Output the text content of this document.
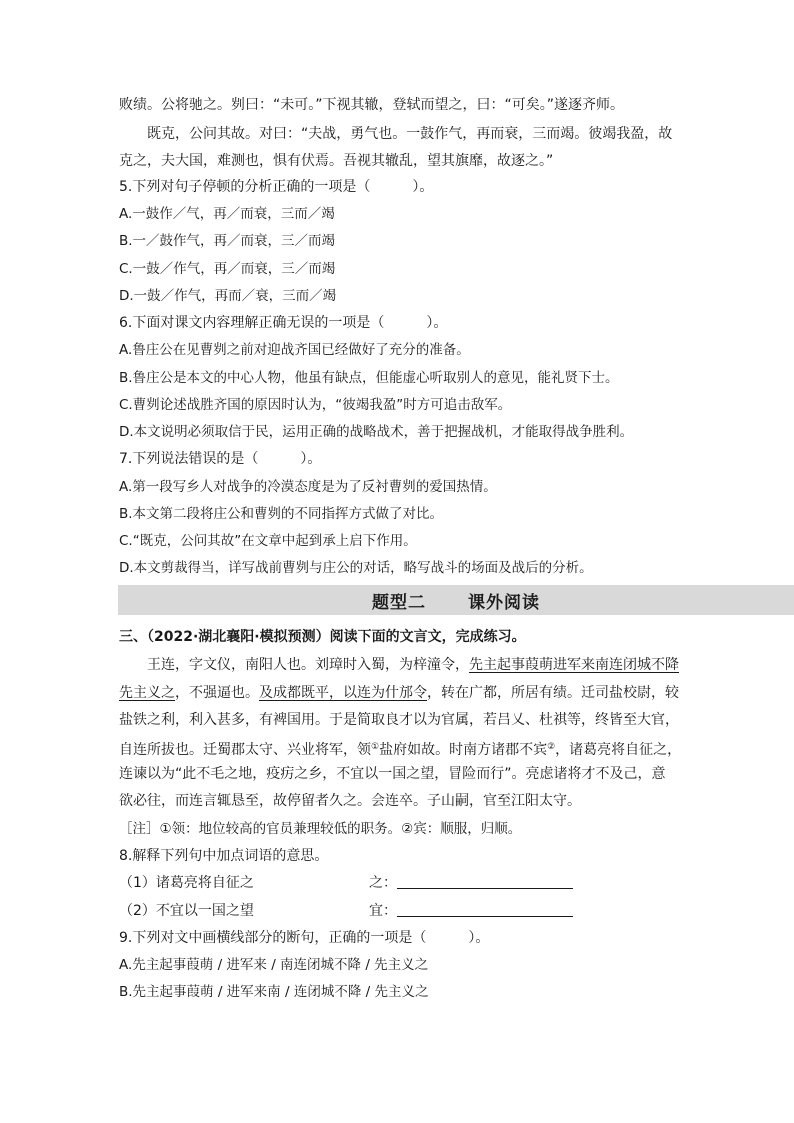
败绩。公将驰之。刿曰：“未可。”下视其辙，登轼而望之，曰：“可矣。”遂逐齐师。
既克，公问其故。对曰：“夫战，勇气也。一鼓作气，再而衰，三而竭。彼竭我盈，故
克之，夫大国，难测也，惧有伏焉。吾视其辙乱，望其旗靡，故逐之。”
5.下列对句子停顿的分析正确的一项是（　　　）。
A.一鼓作／气，再／而衰，三而／竭
B.一／鼓作气，再／而衰，三／而竭
C.一鼓／作气，再／而衰，三／而竭
D.一鼓／作气，再而／衰，三而／竭
6.下面对课文内容理解正确无误的一项是（　　　）。
A.鲁庄公在见曹刿之前对迎战齐国已经做好了充分的准备。
B.鲁庄公是本文的中心人物，他虽有缺点，但能虚心听取别人的意见，能礼贤下士。
C.曹刿论述战胜齐国的原因时认为，“彼竭我盈”时方可追击敌军。
D.本文说明必须取信于民，运用正确的战略战术，善于把握战机，才能取得战争胜利。
7.下列说法错误的是（　　　）。
A.第一段写乡人对战争的冷漠态度是为了反衬曹刿的爱国热情。
B.本文第二段将庄公和曹刿的不同指挥方式做了对比。
C.“既克，公问其故”在文章中起到承上启下作用。
D.本文剪裁得当，详写战前曹刿与庄公的对话，略写战斗的场面及战后的分析。
题型二 课外阅读
三、（2022·湖北襄阳·模拟预测）阅读下面的文言文，完成练习。
王连，字文仪，南阳人也。刘璋时入蜀，为梓潼令，先主起事葭萌进军来南连闭城不降
先主义之，不强逼也。及成都既平，以连为什邡令，转在广都，所居有绩。迁司盐校尉，较
盐铁之利，利入甚多，有裨国用。于是简取良才以为官属，若吕乂、杜祺等，终皆至大官，
自连所拔也。迁蜀郡太守、兴业将军，领①盐府如故。时南方诸郡不宾②，诸葛亮将自征之，
连谏以为“此不毛之地，疫疠之乡，不宜以一国之望，冒险而行”。亮虑诸将才不及己，意
欲必往，而连言辄恳至，故停留者久之。会连卒。子山嗣，官至江阳太守。
［注］①领：地位较高的官员兼理较低的职务。②宾：顺服，归顺。
8.解释下列句中加点词语的意思。
（1）诸葛亮将自征之	之：
（2）不宜以一国之望	宜：
9.下列对文中画横线部分的断句，正确的一项是（　　　）。
A.先主起事葭萌 / 进军来 / 南连闭城不降 / 先主义之
B.先主起事葭萌 / 进军来南 / 连闭城不降 / 先主义之
